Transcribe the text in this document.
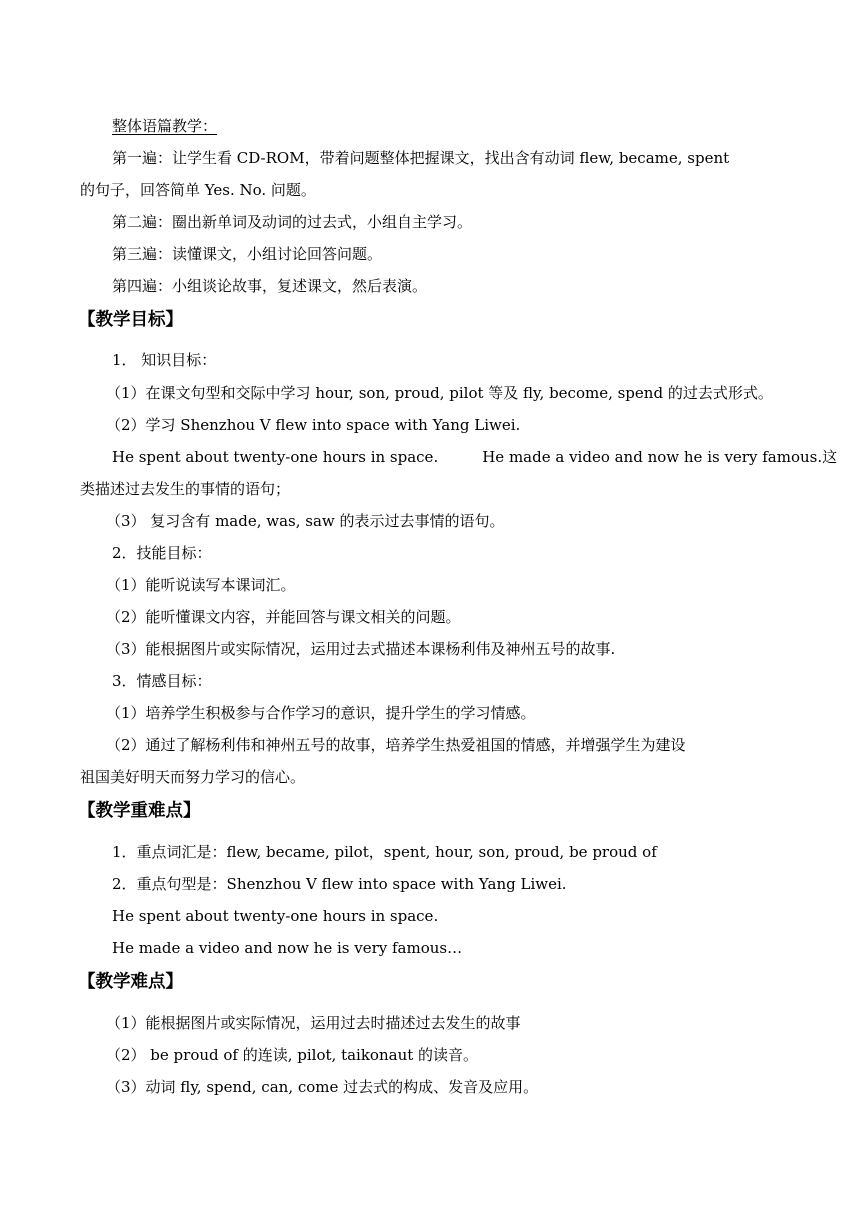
整体语篇教学：
第一遍：让学生看 CD-ROM，带着问题整体把握课文，找出含有动词 flew, became, spent
的句子，回答简单 Yes. No. 问题。
第二遍：圈出新单词及动词的过去式，小组自主学习。
第三遍：读懂课文，小组讨论回答问题。
第四遍：小组谈论故事，复述课文，然后表演。
【教学目标】
1． 知识目标：
（1）在课文句型和交际中学习 hour, son, proud, pilot 等及 fly, become, spend 的过去式形式。
（2）学习 Shenzhou V flew into space with Yang Liwei.
He spent about twenty-one hours in space.	He made a video and now he is very famous.这
类描述过去发生的事情的语句；
（3） 复习含有 made, was, saw 的表示过去事情的语句。
2．技能目标：
（1）能听说读写本课词汇。
（2）能听懂课文内容，并能回答与课文相关的问题。
（3）能根据图片或实际情况，运用过去式描述本课杨利伟及神州五号的故事.
3．情感目标：
（1）培养学生积极参与合作学习的意识，提升学生的学习情感。
（2）通过了解杨利伟和神州五号的故事，培养学生热爱祖国的情感，并增强学生为建设
祖国美好明天而努力学习的信心。
【教学重难点】
1．重点词汇是：flew, became, pilot，spent, hour, son, proud, be proud of
2．重点句型是：Shenzhou V flew into space with Yang Liwei.
He spent about twenty-one hours in space.
He made a video and now he is very famous…
【教学难点】
（1）能根据图片或实际情况，运用过去时描述过去发生的故事
（2） be proud of 的连读, pilot, taikonaut 的读音。
（3）动词 fly, spend, can, come 过去式的构成、发音及应用。
